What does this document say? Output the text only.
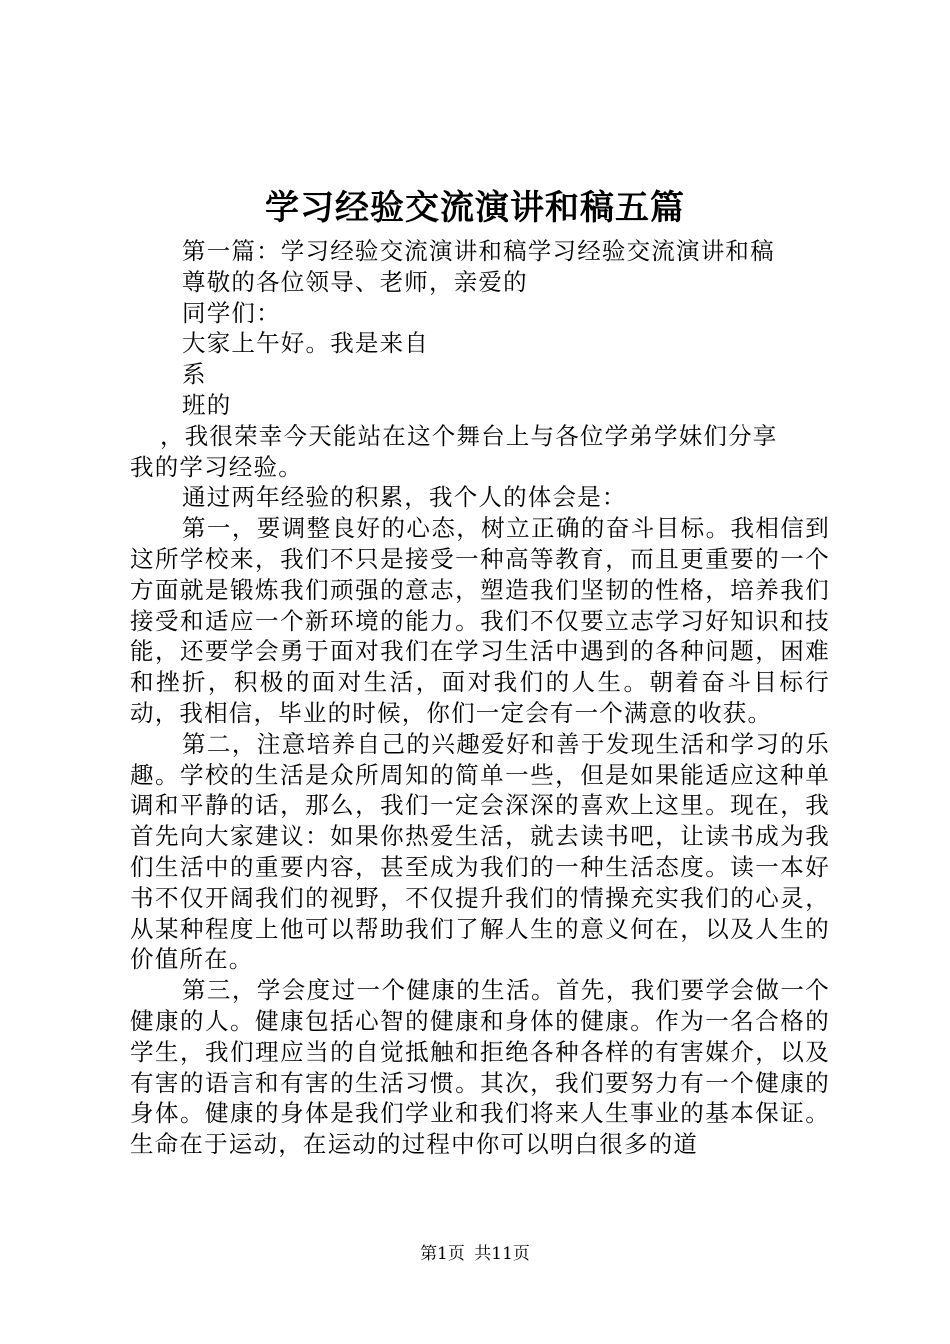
学习经验交流演讲和稿五篇
第一篇：学习经验交流演讲和稿学习经验交流演讲和稿
尊敬的各位领导、老师，亲爱的
同学们：
大家上午好。我是来自
系
班的
，我很荣幸今天能站在这个舞台上与各位学弟学妹们分享
我的学习经验。
通过两年经验的积累，我个人的体会是：
第一，要调整良好的心态，树立正确的奋斗目标。我相信到这所学校来，我们不只是接受一种高等教育，而且更重要的一个方面就是锻炼我们顽强的意志，塑造我们坚韧的性格，培养我们接受和适应一个新环境的能力。我们不仅要立志学习好知识和技能，还要学会勇于面对我们在学习生活中遇到的各种问题，困难和挫折，积极的面对生活，面对我们的人生。朝着奋斗目标行动，我相信，毕业的时候，你们一定会有一个满意的收获。
第二，注意培养自己的兴趣爱好和善于发现生活和学习的乐趣。学校的生活是众所周知的简单一些，但是如果能适应这种单调和平静的话，那么，我们一定会深深的喜欢上这里。现在，我首先向大家建议：如果你热爱生活，就去读书吧，让读书成为我们生活中的重要内容，甚至成为我们的一种生活态度。读一本好书不仅开阔我们的视野，不仅提升我们的情操充实我们的心灵，从某种程度上他可以帮助我们了解人生的意义何在，以及人生的价值所在。
第三，学会度过一个健康的生活。首先，我们要学会做一个健康的人。健康包括心智的健康和身体的健康。作为一名合格的学生，我们理应当的自觉抵触和拒绝各种各样的有害媒介，以及有害的语言和有害的生活习惯。其次，我们要努力有一个健康的身体。健康的身体是我们学业和我们将来人生事业的基本保证。生命在于运动，在运动的过程中你可以明白很多的道
第1页 共11页
